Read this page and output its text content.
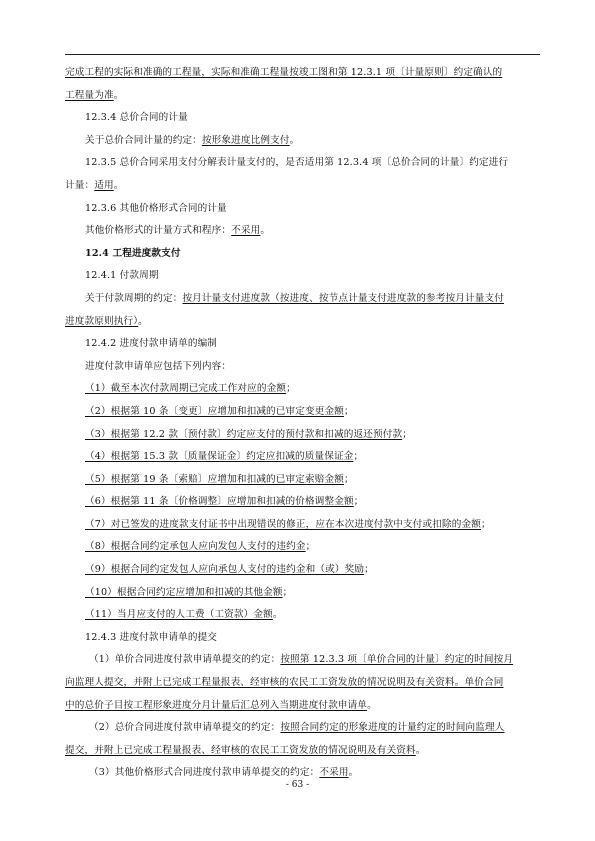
完成工程的实际和准确的工程量，实际和准确工程量按竣工图和第 12.3.1 项〔计量原则〕约定确认的
工程量为准。
12.3.4 总价合同的计量
关于总价合同计量的约定：按形象进度比例支付。
12.3.5 总价合同采用支付分解表计量支付的，是否适用第 12.3.4 项〔总价合同的计量〕约定进行
计量：适用。
12.3.6 其他价格形式合同的计量
其他价格形式的计量方式和程序：不采用。
12.4 工程进度款支付
12.4.1 付款周期
关于付款周期的约定：按月计量支付进度款（按进度、按节点计量支付进度款的参考按月计量支付
进度款原则执行）。
12.4.2 进度付款申请单的编制
进度付款申请单应包括下列内容：
（1）截至本次付款周期已完成工作对应的金额；
（2）根据第 10 条〔变更〕应增加和扣减的已审定变更金额；
（3）根据第 12.2 款〔预付款〕约定应支付的预付款和扣减的返还预付款；
（4）根据第 15.3 款〔质量保证金〕约定应扣减的质量保证金；
（5）根据第 19 条〔索赔〕应增加和扣减的已审定索赔金额；
（6）根据第 11 条〔价格调整〕应增加和扣减的价格调整金额；
（7）对已签发的进度款支付证书中出现错误的修正，应在本次进度付款中支付或扣除的金额；
（8）根据合同约定承包人应向发包人支付的违约金；
（9）根据合同约定发包人应向承包人支付的违约金和（或）奖励；
（10）根据合同约定应增加和扣减的其他金额；
（11）当月应支付的人工费（工资款）金额。
12.4.3 进度付款申请单的提交
（1）单价合同进度付款申请单提交的约定：按照第 12.3.3 项〔单价合同的计量〕约定的时间按月
向监理人提交，并附上已完成工程量报表、经审核的农民工工资发放的情况说明及有关资料。单价合同
中的总价子目按工程形象进度分月计量后汇总列入当期进度付款申请单。
（2）总价合同进度付款申请单提交的约定：按照合同约定的形象进度的计量约定的时间向监理人
提交，并附上已完成工程量报表、经审核的农民工工资发放的情况说明及有关资料。
（3）其他价格形式合同进度付款申请单提交的约定：不采用。
- 63 -
